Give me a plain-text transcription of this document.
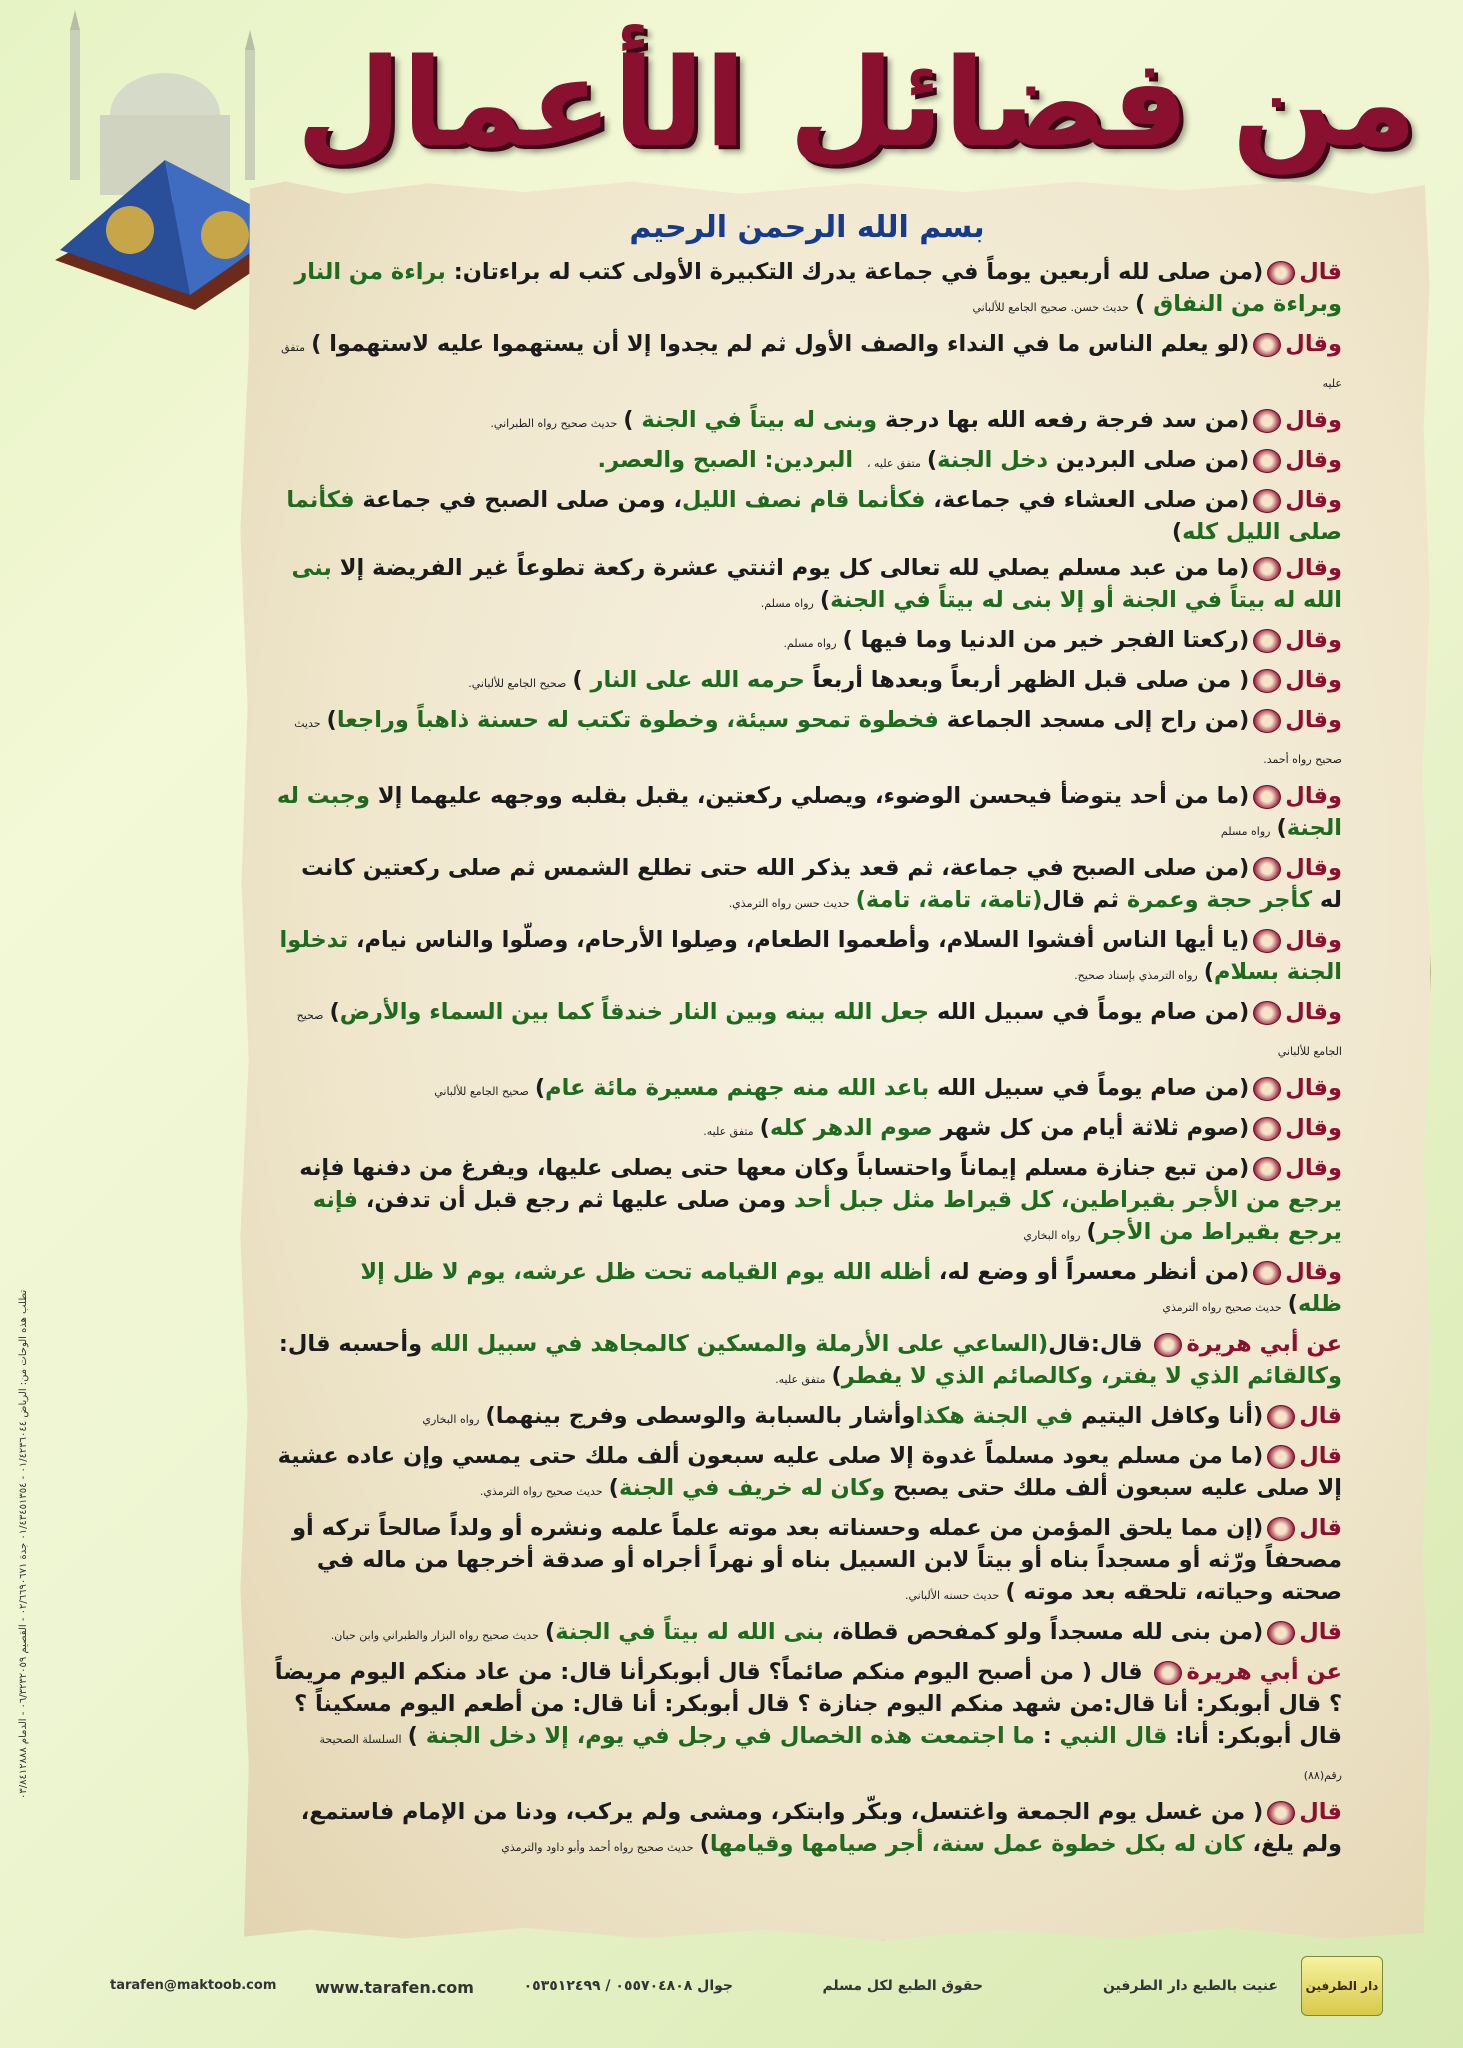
من فضائل الأعمال
بسم الله الرحمن الرحيم
قال(من صلى لله أربعين يوماً في جماعة يدرك التكبيرة الأولى كتب له براءتان: براءة من النار وبراءة من النفاق )حديث حسن. صحيح الجامع للألباني
وقال(لو يعلم الناس ما في النداء والصف الأول ثم لم يجدوا إلا أن يستهموا عليه لاستهموا )متفق عليه
وقال(من سد فرجة رفعه الله بها درجة وبنى له بيتاً في الجنة )حديث صحيح رواه الطبراني.
وقال(من صلى البردين دخل الجنة)متفق عليه ، البردين: الصبح والعصر.
وقال(من صلى العشاء في جماعة، فكأنما قام نصف الليل، ومن صلى الصبح في جماعة فكأنما صلى الليل كله)
وقال(ما من عبد مسلم يصلي لله تعالى كل يوم اثنتي عشرة ركعة تطوعاً غير الفريضة إلا بنى الله له بيتاً في الجنة أو إلا بنى له بيتاً في الجنة)رواه مسلم.
وقال(ركعتا الفجر خير من الدنيا وما فيها )رواه مسلم.
وقال( من صلى قبل الظهر أربعاً وبعدها أربعاً حرمه الله على النار )صحيح الجامع للألباني.
وقال(من راح إلى مسجد الجماعة فخطوة تمحو سيئة، وخطوة تكتب له حسنة ذاهباً وراجعا)حديث صحيح رواه أحمد.
وقال(ما من أحد يتوضأ فيحسن الوضوء، ويصلي ركعتين، يقبل بقلبه ووجهه عليهما إلا وجبت له الجنة)رواه مسلم
وقال(من صلى الصبح في جماعة، ثم قعد يذكر الله حتى تطلع الشمس ثم صلى ركعتين كانت له كأجر حجة وعمرة ثم قال(تامة، تامة، تامة)حديث حسن رواه الترمذي.
وقال(يا أيها الناس أفشوا السلام، وأطعموا الطعام، وصِلوا الأرحام، وصلّوا والناس نيام، تدخلوا الجنة بسلام)رواه الترمذي بإسناد صحيح.
وقال(من صام يوماً في سبيل الله جعل الله بينه وبين النار خندقاً كما بين السماء والأرض)صحيح الجامع للألباني
وقال(من صام يوماً في سبيل الله باعد الله منه جهنم مسيرة مائة عام)صحيح الجامع للألباني
وقال(صوم ثلاثة أيام من كل شهر صوم الدهر كله)متفق عليه.
وقال(من تبع جنازة مسلم إيماناً واحتساباً وكان معها حتى يصلى عليها، ويفرغ من دفنها فإنه يرجع من الأجر بقيراطين، كل قيراط مثل جبل أحد ومن صلى عليها ثم رجع قبل أن تدفن، فإنه يرجع بقيراط من الأجر)رواه البخاري
وقال(من أنظر معسراً أو وضع له، أظله الله يوم القيامه تحت ظل عرشه، يوم لا ظل إلا ظله)حديث صحيح رواه الترمذي
عن أبي هريرة قال:قال(الساعي على الأرملة والمسكين كالمجاهد في سبيل الله وأحسبه قال: وكالقائم الذي لا يفتر، وكالصائم الذي لا يفطر)متفق عليه.
قال(أنا وكافل اليتيم في الجنة هكذاوأشار بالسبابة والوسطى وفرج بينهما)رواه البخاري
قال(ما من مسلم يعود مسلماً غدوة إلا صلى عليه سبعون ألف ملك حتى يمسي وإن عاده عشية إلا صلى عليه سبعون ألف ملك حتى يصبح وكان له خريف في الجنة)حديث صحيح رواه الترمذي.
قال(إن مما يلحق المؤمن من عمله وحسناته بعد موته علماً علمه ونشره أو ولداً صالحاً تركه أو مصحفاً ورّثه أو مسجداً بناه أو بيتاً لابن السبيل بناه أو نهراً أجراه أو صدقة أخرجها من ماله في صحته وحياته، تلحقه بعد موته )حديث حسنه الألباني.
قال(من بنى لله مسجداً ولو كمفحص قطاة، بنى الله له بيتاً في الجنة)حديث صحيح رواه البزار والطبراني وابن حبان.
عن أبي هريرة قال ( من أصبح اليوم منكم صائماً؟ قال أبوبكرأنا قال: من عاد منكم اليوم مريضاً ؟ قال أبوبكر: أنا قال:من شهد منكم اليوم جنازة ؟ قال أبوبكر: أنا قال: من أطعم اليوم مسكيناً ؟ قال أبوبكر: أنا: قال النبي : ما اجتمعت هذه الخصال في رجل في يوم، إلا دخل الجنة )السلسلة الصحيحة رقم(٨٨)
قال( من غسل يوم الجمعة واغتسل، وبكّر وابتكر، ومشى ولم يركب، ودنا من الإمام فاستمع، ولم يلغ، كان له بكل خطوة عمل سنة، أجر صيامها وقيامها)حديث صحيح رواه أحمد وأبو داود والترمذي
تطلب هذه الوحات من: الرياض ٠١/٤٢٣٦٠٤٤ - ٠١/٤٣٤٥١٣٥٤ جدة ٠٢/٦٦٩٠٦٧١ - القصيم ٠٦/٣٢٣٢٠٥٩ - الدمام ٠٣/٨٤١٢٨٨٨
دار الطرفين
عنيت بالطبع دار الطرفين
حقوق الطبع لكل مسلم
جوال ٠٥٥٧٠٤٨٠٨ / ٠٥٣٥١٢٤٩٩
www.tarafen.com
tarafen@maktoob.com
